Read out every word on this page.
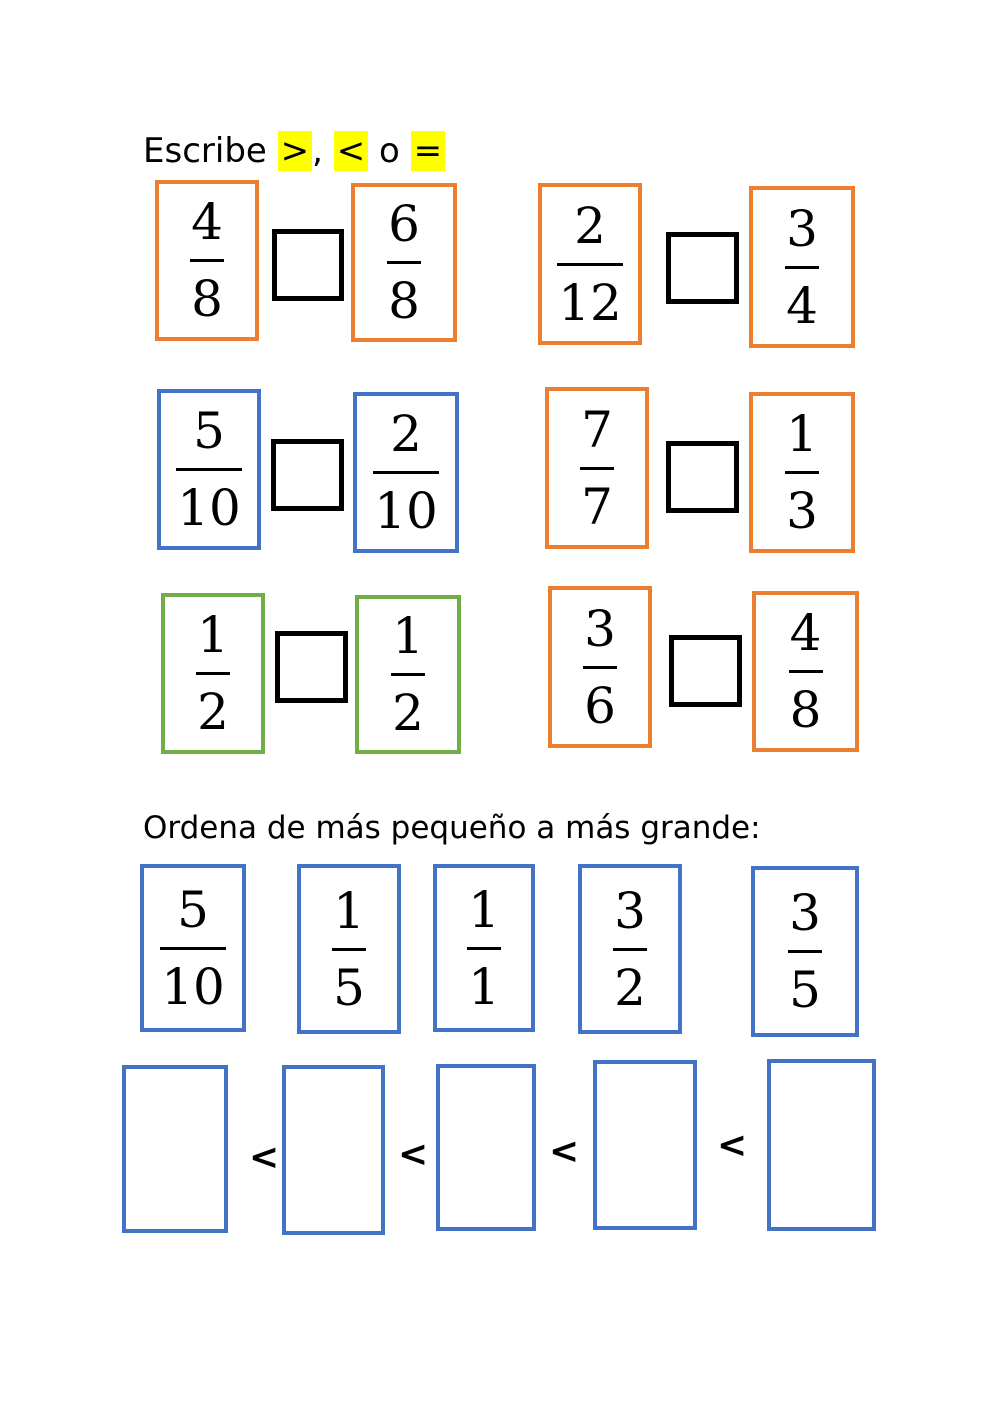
Escribe >, < o =
4
8
6
8
2
12
3
4
5
10
2
10
7
7
1
3
1
2
1
2
3
6
4
8
Ordena de más pequeño a más grande:
5
10
1
5
1
1
3
2
3
5
<	<	<	<
